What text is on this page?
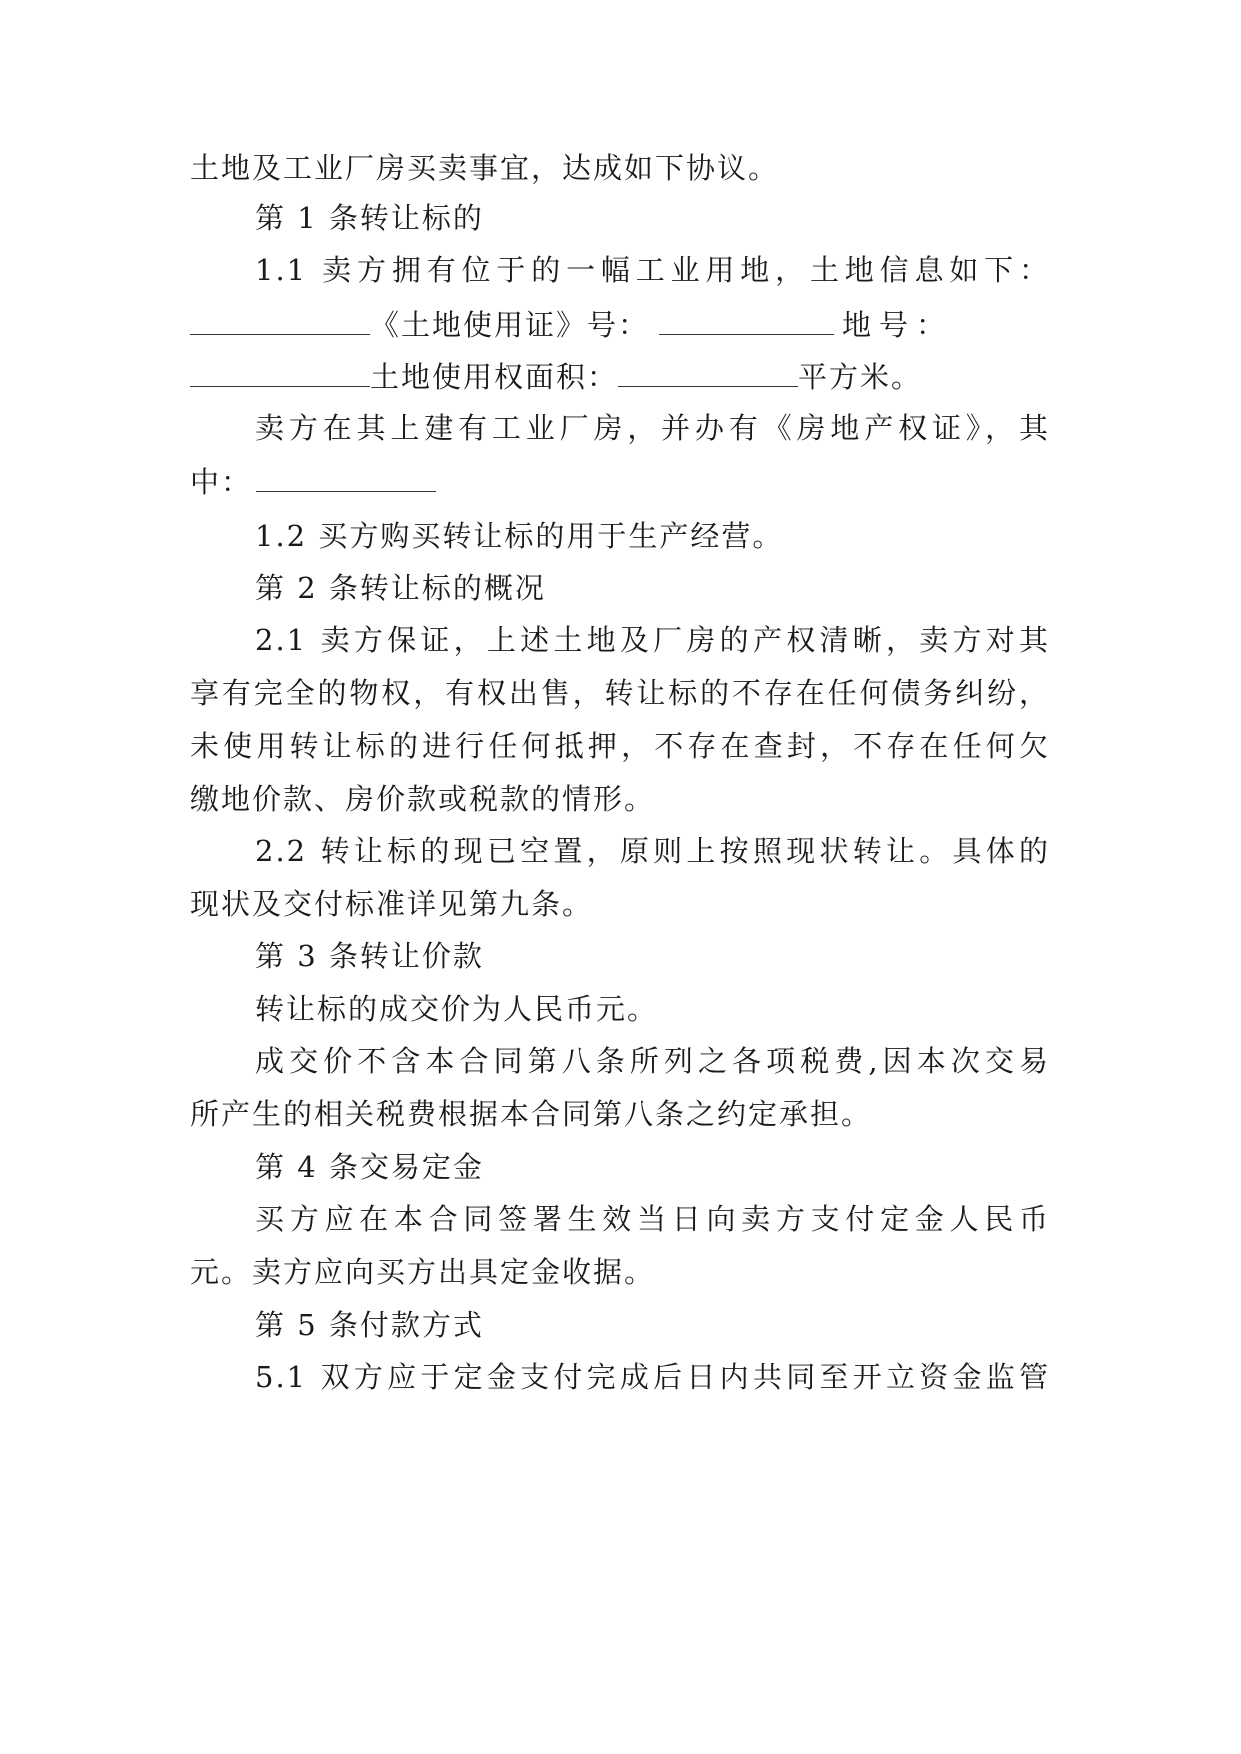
土地及工业厂房买卖事宜，达成如下协议。
第 1 条转让标的
1.1 卖方拥有位于的一幅工业用地，土地信息如下：
《土地使用证》号：	地号：
土地使用权面积：	平方米。
卖方在其上建有工业厂房，并办有《房地产权证》，其
中：
1.2 买方购买转让标的用于生产经营。
第 2 条转让标的概况
2.1 卖方保证，上述土地及厂房的产权清晰，卖方对其
享有完全的物权，有权出售，转让标的不存在任何债务纠纷，
未使用转让标的进行任何抵押，不存在查封，不存在任何欠
缴地价款、房价款或税款的情形。
2.2 转让标的现已空置，原则上按照现状转让。具体的
现状及交付标准详见第九条。
第 3 条转让价款
转让标的成交价为人民币元。
成交价不含本合同第八条所列之各项税费,因本次交易
所产生的相关税费根据本合同第八条之约定承担。
第 4 条交易定金
买方应在本合同签署生效当日向卖方支付定金人民币
元。卖方应向买方出具定金收据。
第 5 条付款方式
5.1 双方应于定金支付完成后日内共同至开立资金监管
